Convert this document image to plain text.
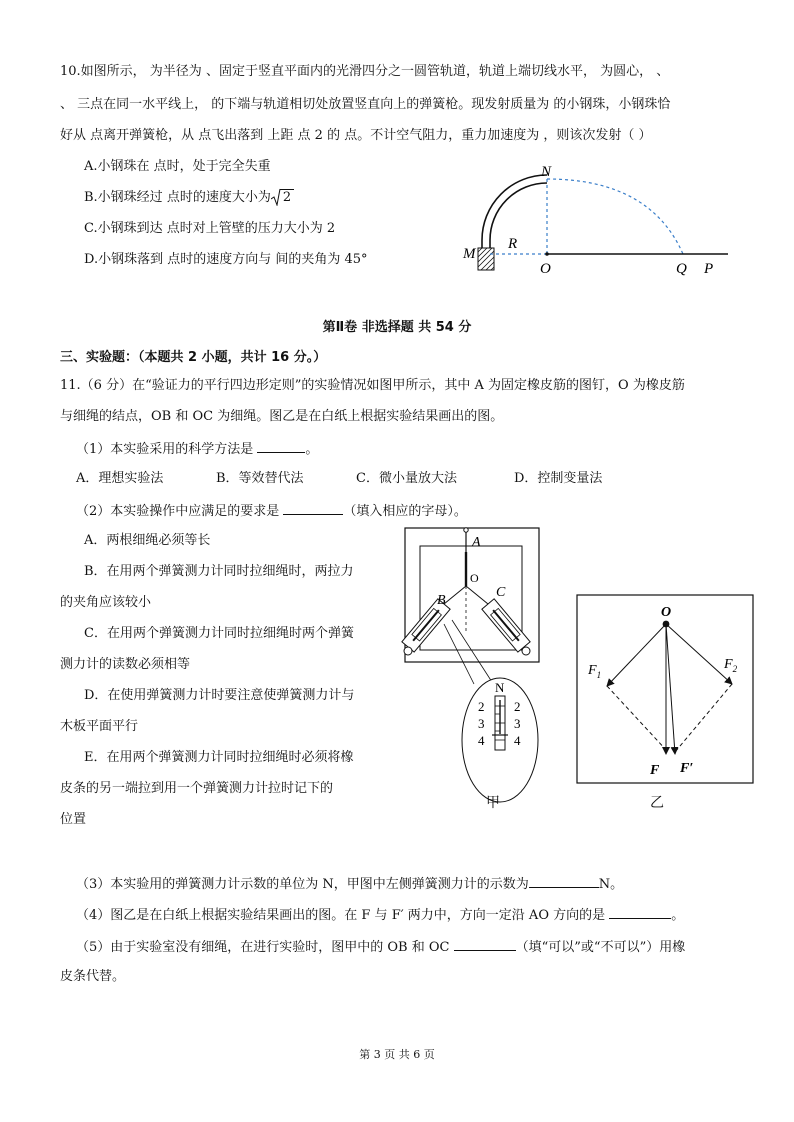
10.如图所示， 为半径为 、固定于竖直平面内的光滑四分之一圆管轨道，轨道上端切线水平， 为圆心， 、
、 三点在同一水平线上， 的下端与轨道相切处放置竖直向上的弹簧枪。现发射质量为 的小钢珠，小钢珠恰
好从 点离开弹簧枪，从 点飞出落到 上距 点 2 的 点。不计空气阻力，重力加速度为 ，则该次发射（ ）
A.小钢珠在 点时，处于完全失重
B.小钢珠经过 点时的速度大小为 2
C.小钢珠到达 点时对上管壁的压力大小为 2
D.小钢珠落到 点时的速度方向与 间的夹角为 45°	M
N
R
O	Q P
第Ⅱ卷 非选择题 共 54 分
三、实验题：（本题共 2 小题，共计 16 分。）
11.（6 分）在“验证力的平行四边形定则”的实验情况如图甲所示，其中 A 为固定橡皮筋的图钉，O 为橡皮筋
与细绳的结点，OB 和 OC 为细绳。图乙是在白纸上根据实验结果画出的图。
（1）本实验采用的科学方法是	。
A．理想实验法	B．等效替代法	C．微小量放大法	D．控制变量法
（2）本实验操作中应满足的要求是	（填入相应的字母）。
A．两根细绳必须等长
B．在用两个弹簧测力计同时拉细绳时，两拉力
的夹角应该较小
C．在用两个弹簧测力计同时拉细绳时两个弹簧
测力计的读数必须相等
D．在使用弹簧测力计时要注意使弹簧测力计与
木板平面平行
E．在用两个弹簧测力计同时拉细绳时必须将橡
皮条的另一端拉到用一个弹簧测力计拉时记下的
位置
B
C
A
O
N
2
3
4
2
3
4
甲
O
$F_1$
$F_2$
F F′
乙
（3）本实验用的弹簧测力计示数的单位为 N，甲图中左侧弹簧测力计的示数为	N。
（4）图乙是在白纸上根据实验结果画出的图。在 F 与 F′ 两力中，方向一定沿 AO 方向的是	。
（5）由于实验室没有细绳，在进行实验时，图甲中的 OB 和 OC	（填“可以”或“不可以”）用橡
皮条代替。
第 3 页 共 6 页
